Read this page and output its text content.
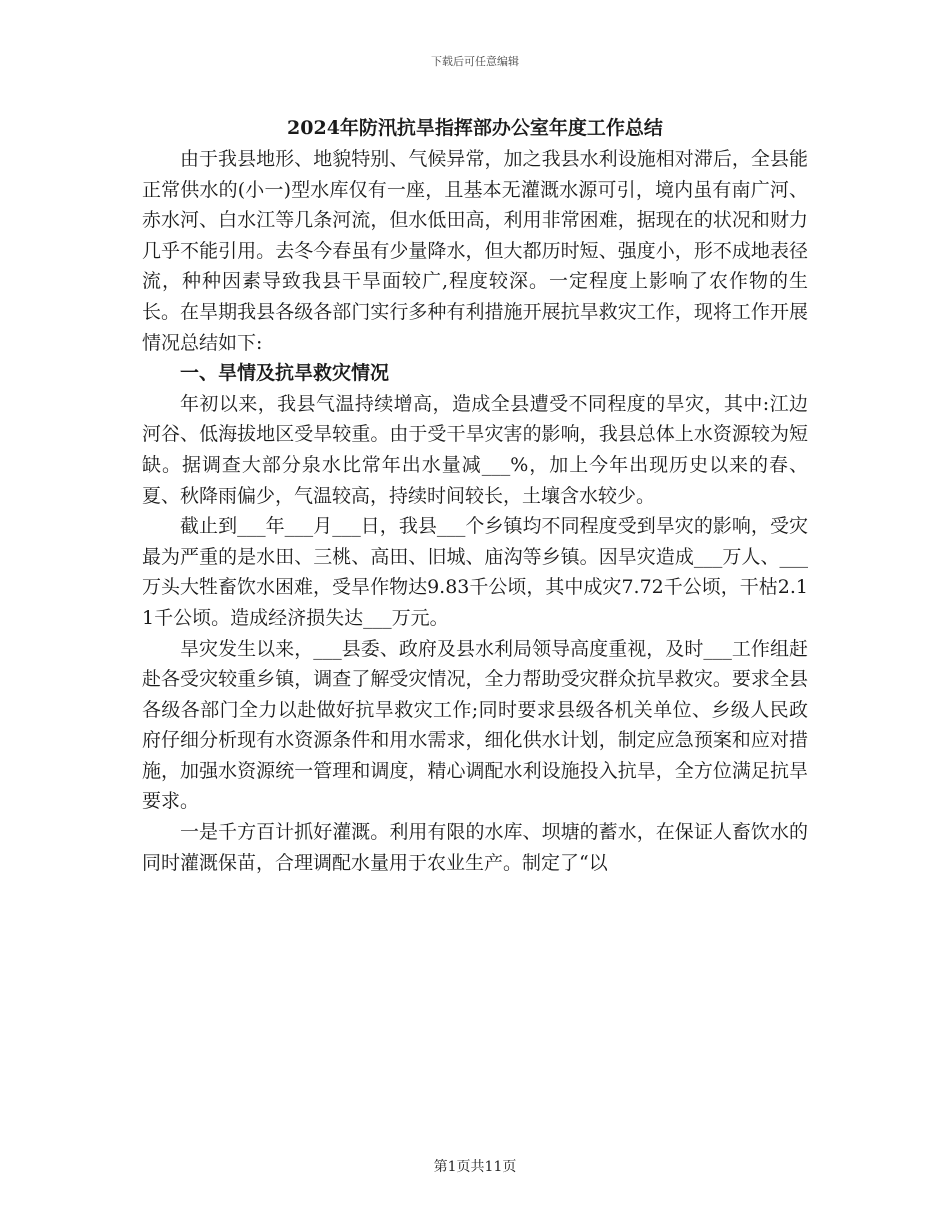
下载后可任意编辑
2024年防汛抗旱指挥部办公室年度工作总结

由于我县地形、地貌特别、气候异常，加之我县水利设施相对滞后，全县能正常供水的(小一)型水库仅有一座，且基本无灌溉水源可引，境内虽有南广河、赤水河、白水江等几条河流，但水低田高，利用非常困难，据现在的状况和财力几乎不能引用。去冬今春虽有少量降水，但大都历时短、强度小，形不成地表径流，种种因素导致我县干旱面较广,程度较深。一定程度上影响了农作物的生长。在旱期我县各级各部门实行多种有利措施开展抗旱救灾工作，现将工作开展情况总结如下:

一、旱情及抗旱救灾情况

年初以来，我县气温持续增高，造成全县遭受不同程度的旱灾，其中:江边河谷、低海拔地区受旱较重。由于受干旱灾害的影响，我县总体上水资源较为短缺。据调查大部分泉水比常年出水量减___%，加上今年出现历史以来的春、夏、秋降雨偏少，气温较高，持续时间较长，土壤含水较少。

截止到___年___月___日，我县___个乡镇均不同程度受到旱灾的影响，受灾最为严重的是水田、三桃、高田、旧城、庙沟等乡镇。因旱灾造成___万人、___万头大牲畜饮水困难，受旱作物达9.83千公顷，其中成灾7.72千公顷，干枯2.11千公顷。造成经济损失达___万元。

旱灾发生以来，___县委、政府及县水利局领导高度重视，及时___工作组赶赴各受灾较重乡镇，调查了解受灾情况，全力帮助受灾群众抗旱救灾。要求全县各级各部门全力以赴做好抗旱救灾工作;同时要求县级各机关单位、乡级人民政府仔细分析现有水资源条件和用水需求，细化供水计划，制定应急预案和应对措施，加强水资源统一管理和调度，精心调配水利设施投入抗旱，全方位满足抗旱要求。

一是千方百计抓好灌溉。利用有限的水库、坝塘的蓄水，在保证人畜饮水的同时灌溉保苗，合理调配水量用于农业生产。制定了“以

第1页共11页
